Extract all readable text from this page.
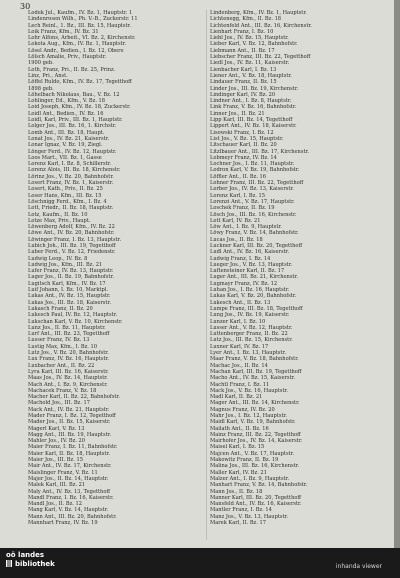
30
Lodek Jul., Kaufm., IV. Bz. 1, Hauptstr. 1
Lindenrosen Wilh., Ph. V.-B., Zuckerstr. 11
Lech Reinl., 1. Bz., III. Bz. 15, Hauptstr.
Loik Franz, Kfm., IV. Bz. 31
Lohr Alfons, Arbeit., VI. Bz. 2, Kirchenstr.
Lokota Aug., Kfm., IV. Bz. 1, Hauptstr.
Lösel Andr., Bedien., I. Bz. 12, Obere
Lölsch Amalie, Priv., Hauptstr.
1900 geb.
Loth, Franz, Pri., II. Bz. 25, Prinz.
Linz, Pri., Anst.
Löffel Ruldo, Kfm., IV. Bz. 17, Tegetthoff
1898 geb.
Löhelbach Nikolaus, Bau., V. Bz. 12
Lohlinger, Ed., Kfm., V. Bz. 18
Loid Joseph, Kfm., IV. Bz. 18, Zuckerstr.
Loidl Ant., Bedien., IV. Bz. 16
Loidl, Karl, Priv., III. Bz. 1, Hauptstr.
Lolger Jos., III. Bz. 16, 1. Kirchstr.
Lomb Ant., III. Bz. 18, Haupt.
Lonat Jos., IV. Bz. 21, Kaiserstr.
Lonar Ignaz, V. Bz. 19, Ziegl.
Lönger Ferd., IV. Bz. 12, Hauptstr.
Loos Mart., VII. Bz. 1, Gasse
Lorenz Karl, I. Bz. 8, Schillerstr.
Lorenz Alois, III. Bz. 18, Kirchenstr.
Lörinz Jos., V. Bz. 20, Bahnhofstr.
Losert Franz, IV. Bz. 1, Kaiserstr.
Losert, Kath., Priv., II. Bz. 25
Loser Hans, Kfm., III. Bz. 15
Löschnigg Ferd., Kfm., I. Bz. 4
Lott, Friedr., II. Bz. 18, Hauptstr.
Lotz, Kaufm., II. Bz. 10
Lotze Max, Priv., Haupt.
Löwenberg Adolf, Kfm., IV. Bz. 22
Löwe Ant., IV. Bz. 20, Bahnhofstr.
Löwinger Franz, I. Bz. 13, Hauptstr.
Lubich Joh., III. Bz. 19, Tegetthoff
Luber Ferd., V. Bz. 12, Friedenstr.
Ludwig Leop., IV. Bz. 8
Ludwig Jos., Kfm., III. Bz. 21
Lufer Franz, IV. Bz. 13, Hauptstr.
Luger Jos., II. Bz. 19, Bahnhofstr.
Lugitsch Karl, Kfm., IV. Bz. 17
Luif Johann, I. Bz. 10, Marktpl.
Lukas Ant., IV. Bz. 15, Hauptstr.
Lukas Jos., III. Bz. 18, Kaiserstr.
Lukasch Franz, II. Bz. 20
Lukesch Paul, IV. Bz. 12, Hauptstr.
Lukschan Karl, V. Bz. 10, Kirchenstr.
Lunz Jos., II. Bz. 11, Hauptstr.
Lurf Ant., III. Bz. 23, Tegetthoff
Lusser Franz, IV. Bz. 13
Lustig Max, Kfm., I. Bz. 10
Lutz Jos., V. Bz. 20, Bahnhofstr.
Lux Franz, IV. Bz. 16, Hauptstr.
Luxbacher Ant., II. Bz. 22
Lyra Karl, III. Bz. 16, Kaiserstr.
Maas Jos., IV. Bz. 14, Hauptstr.
Mach Ant., I. Bz. 9, Kirchenstr.
Machacek Franz, V. Bz. 18
Macher Karl, II. Bz. 22, Bahnhofstr.
Machold Jos., III. Bz. 17
Mack Ant., IV. Bz. 21, Hauptstr.
Mader Franz, I. Bz. 12, Tegetthoff
Mader Jos., II. Bz. 15, Kaiserstr.
Magerl Karl, V. Bz. 13
Magg Ant., III. Bz. 19, Hauptstr.
Mahler Jos., IV. Bz. 20
Maier Franz, I. Bz. 11, Bahnhofstr.
Maier Karl, II. Bz. 18, Hauptstr.
Maier Jos., III. Bz. 15
Mair Ant., IV. Bz. 17, Kirchenstr.
Maislinger Franz, V. Bz. 11
Majer Jos., II. Bz. 14, Hauptstr.
Malek Karl, III. Bz. 21
Maly Ant., IV. Bz. 13, Tegetthoff
Mandl Franz, I. Bz. 16, Kaiserstr.
Mandl Jos., II. Bz. 12
Mang Karl, V. Bz. 14, Hauptstr.
Mann Ant., III. Bz. 20, Bahnhofstr.
Mannhart Franz, IV. Bz. 19
Lindenberg, Kfm., IV. Bz. 1, Hauptstr.
Lichtenegg, Kfm., II. Bz. 18
Lichtenfeld Ant., III. Bz. 16, Kirchenstr.
Lienhart Franz, I. Bz. 10
Liebl Jos., IV. Bz. 15, Hauptstr.
Lieber Karl, V. Bz. 12, Bahnhofstr.
Liebmann Ant., II. Bz. 17
Liebscher Franz, III. Bz. 22, Tegetthoff
Liedl Jos., IV. Bz. 11, Kaiserstr.
Lienbacher Karl, I. Bz. 13
Liener Ant., V. Bz. 18, Hauptstr.
Lindauer Franz, II. Bz. 15
Linder Jos., III. Bz. 19, Kirchenstr.
Lindinger Karl, IV. Bz. 20
Lindner Ant., I. Bz. 8, Hauptstr.
Link Franz, V. Bz. 16, Bahnhofstr.
Linner Jos., II. Bz. 21
Lipp Karl, III. Bz. 14, Tegetthoff
Lippert Ant., IV. Bz. 18, Kaiserstr.
Lisowski Franz, I. Bz. 12
List Jos., V. Bz. 15, Hauptstr.
Litschauer Karl, II. Bz. 20
Litzlbauer Ant., III. Bz. 17, Kirchenstr.
Lobmeyr Franz, IV. Bz. 14
Lochner Jos., I. Bz. 11, Hauptstr.
Lodron Karl, V. Bz. 19, Bahnhofstr.
Löffler Ant., II. Bz. 16
Lohner Franz, III. Bz. 22, Tegetthoff
Lorber Jos., IV. Bz. 13, Kaiserstr.
Lorenz Karl, I. Bz. 15
Lorenzi Ant., V. Bz. 17, Hauptstr.
Loschek Franz, II. Bz. 19
Lösch Jos., III. Bz. 16, Kirchenstr.
Lott Karl, IV. Bz. 21
Löw Ant., I. Bz. 9, Hauptstr.
Löwy Franz, V. Bz. 14, Bahnhofstr.
Lucas Jos., II. Bz. 18
Luckner Karl, III. Bz. 20, Tegetthoff
Ludl Ant., IV. Bz. 16, Kaiserstr.
Ludwig Franz, I. Bz. 14
Lueger Jos., V. Bz. 13, Hauptstr.
Luftensteiner Karl, II. Bz. 17
Luger Ant., III. Bz. 21, Kirchenstr.
Lugmayr Franz, IV. Bz. 12
Luhan Jos., I. Bz. 16, Hauptstr.
Lukas Karl, V. Bz. 20, Bahnhofstr.
Lukesch Ant., II. Bz. 13
Lumpe Franz, III. Bz. 18, Tegetthoff
Lung Jos., IV. Bz. 19, Kaiserstr.
Lunzer Karl, I. Bz. 10
Lusser Ant., V. Bz. 12, Hauptstr.
Luttenberger Franz, II. Bz. 22
Lutz Jos., III. Bz. 15, Kirchenstr.
Luxner Karl, IV. Bz. 17
Lyer Ant., I. Bz. 13, Hauptstr.
Maar Franz, V. Bz. 18, Bahnhofstr.
Machac Jos., II. Bz. 14
Machan Karl, III. Bz. 19, Tegetthoff
Macho Ant., IV. Bz. 15, Kaiserstr.
Machtl Franz, I. Bz. 11
Mack Jos., V. Bz. 16, Hauptstr.
Madl Karl, II. Bz. 21
Mager Ant., III. Bz. 14, Kirchenstr.
Magnus Franz, IV. Bz. 20
Mahr Jos., I. Bz. 12, Hauptstr.
Maidl Karl, V. Bz. 19, Bahnhofstr.
Mailath Ant., II. Bz. 16
Mainz Franz, III. Bz. 22, Tegetthoff
Mairhofer Jos., IV. Bz. 14, Kaiserstr.
Maisel Karl, I. Bz. 15
Majcen Ant., V. Bz. 17, Hauptstr.
Makowitz Franz, II. Bz. 19
Malina Jos., III. Bz. 16, Kirchenstr.
Maller Karl, IV. Bz. 21
Malzer Ant., I. Bz. 9, Hauptstr.
Manhart Franz, V. Bz. 14, Bahnhofstr.
Mann Jos., II. Bz. 18
Manner Karl, III. Bz. 20, Tegetthoff
Mansfeld Ant., IV. Bz. 16, Kaiserstr.
Mantler Franz, I. Bz. 14
Manz Jos., V. Bz. 13, Hauptstr.
Marek Karl, II. Bz. 17
oö landes
bibliothek	inhanda viewer
